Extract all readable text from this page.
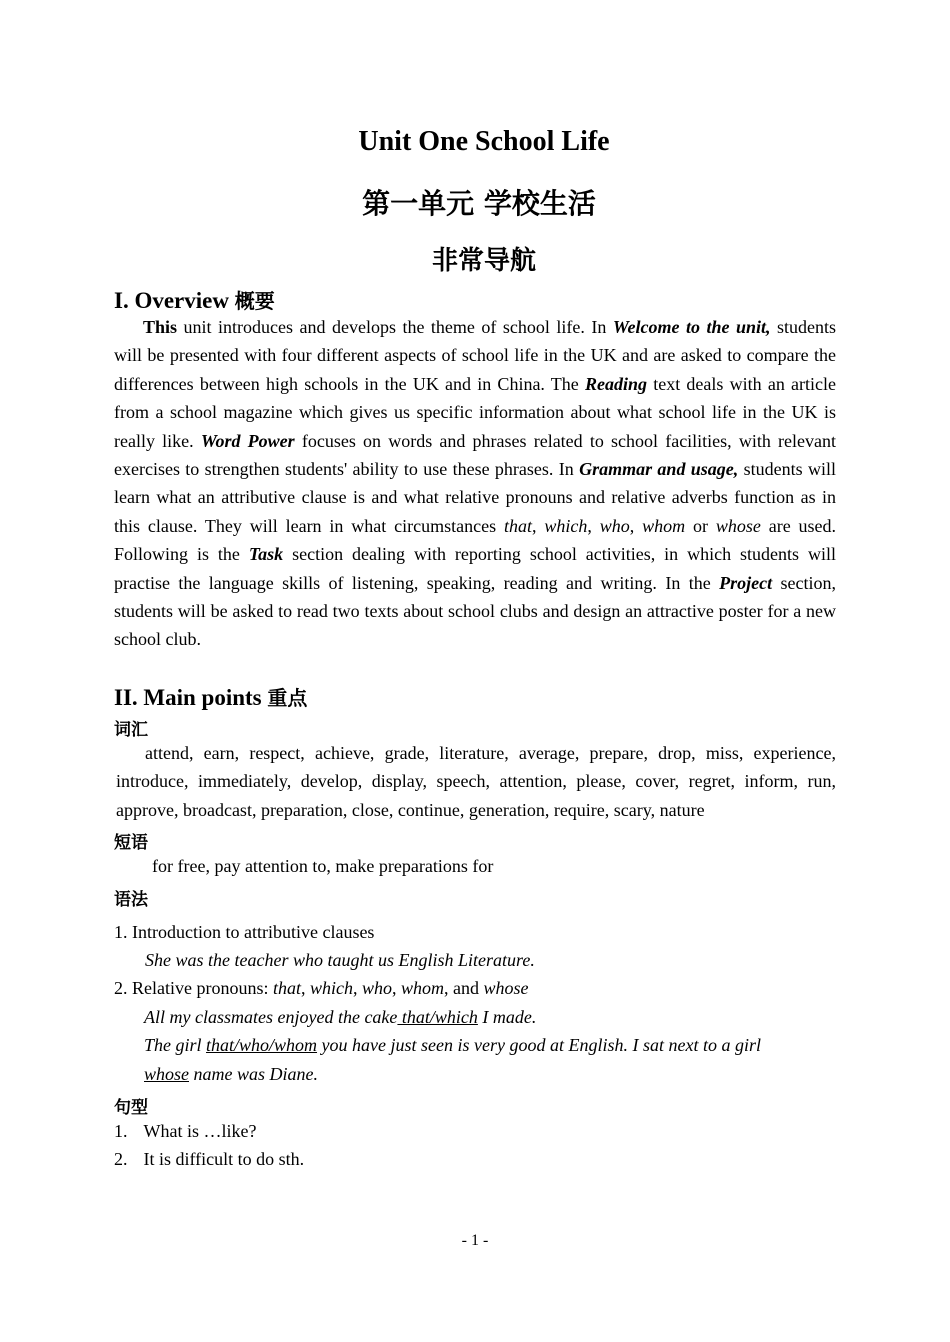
Unit One School Life
第一单元 学校生活
非常导航
I. Overview 概要
This unit introduces and develops the theme of school life. In Welcome to the unit, students will be presented with four different aspects of school life in the UK and are asked to compare the differences between high schools in the UK and in China. The Reading text deals with an article from a school magazine which gives us specific information about what school life in the UK is really like. Word Power focuses on words and phrases related to school facilities, with relevant exercises to strengthen students' ability to use these phrases. In Grammar and usage, students will learn what an attributive clause is and what relative pronouns and relative adverbs function as in this clause. They will learn in what circumstances that, which, who, whom or whose are used. Following is the Task section dealing with reporting school activities, in which students will practise the language skills of listening, speaking, reading and writing. In the Project section, students will be asked to read two texts about school clubs and design an attractive poster for a new school club.
II. Main points 重点
词汇
attend, earn, respect, achieve, grade, literature, average, prepare, drop, miss, experience, introduce, immediately, develop, display, speech, attention, please, cover, regret, inform, run, approve, broadcast, preparation, close, continue, generation, require, scary, nature
短语
for free, pay attention to, make preparations for
语法
1. Introduction to attributive clauses
She was the teacher who taught us English Literature.
2. Relative pronouns: that, which, who, whom, and whose
All my classmates enjoyed the cake that/which I made.
The girl that/who/whom you have just seen is very good at English. I sat next to a girl
whose name was Diane.
句型
1. What is …like?
2. It is difficult to do sth.
- 1 -
